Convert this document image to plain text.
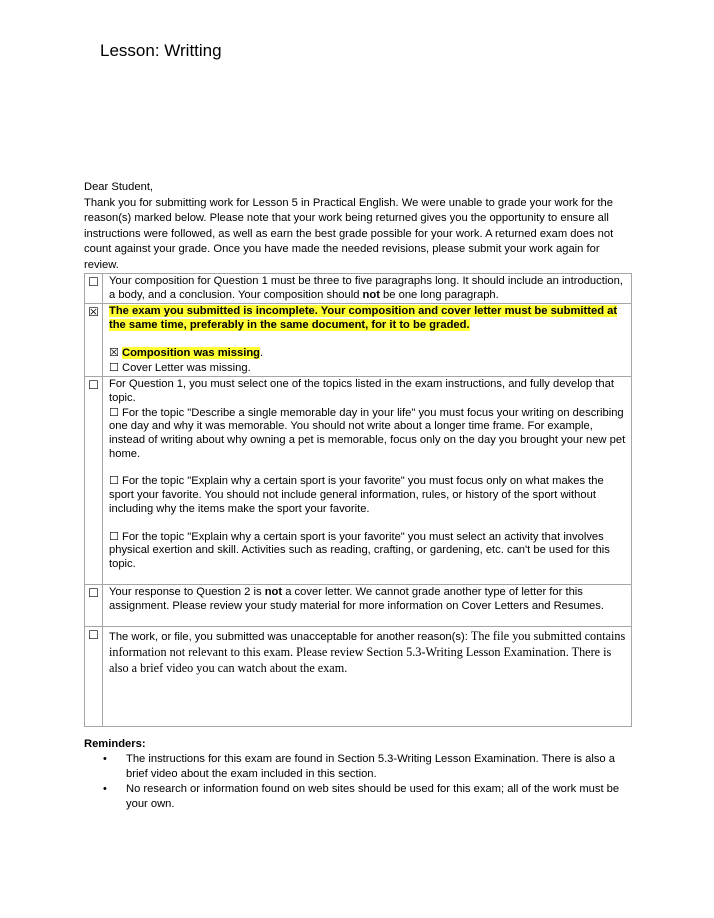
Lesson: Writting

Dear Student,

Thank you for submitting work for Lesson 5 in Practical English. We were unable to grade your work for the reason(s) marked below. Please note that your work being returned gives you the opportunity to ensure all instructions were followed, as well as earn the best grade possible for your work. A returned exam does not count against your grade. Once you have made the needed revisions, please submit your work again for review.

☐	Your composition for Question 1 must be three to five paragraphs long. It should include an introduction, a body, and a conclusion. Your composition should not be one long paragraph.
☒	The exam you submitted is incomplete. Your composition and cover letter must be submitted at the same time, preferably in the same document, for it to be graded.
☒ Composition was missing.
☐ Cover Letter was missing.

☐	For Question 1, you must select one of the topics listed in the exam instructions, and fully develop that topic.
☐ For the topic "Describe a single memorable day in your life" you must focus your writing on describing one day and why it was memorable. You should not write about a longer time frame. For example, instead of writing about why owning a pet is memorable, focus only on the day you brought your new pet home.
☐ For the topic "Explain why a certain sport is your favorite" you must focus only on what makes the sport your favorite. You should not include general information, rules, or history of the sport without including why the items make the sport your favorite.
☐ For the topic "Explain why a certain sport is your favorite" you must select an activity that involves physical exertion and skill. Activities such as reading, crafting, or gardening, etc. can't be used for this topic.

☐	Your response to Question 2 is not a cover letter. We cannot grade another type of letter for this assignment. Please review your study material for more information on Cover Letters and Resumes.
☐	The work, or file, you submitted was unacceptable for another reason(s): The file you submitted contains information not relevant to this exam. Please review Section 5.3-Writing Lesson Examination. There is also a brief video you can watch about the exam.
Reminders:
• The instructions for this exam are found in Section 5.3-Writing Lesson Examination. There is also a brief video about the exam included in this section.
• No research or information found on web sites should be used for this exam; all of the work must be your own.
